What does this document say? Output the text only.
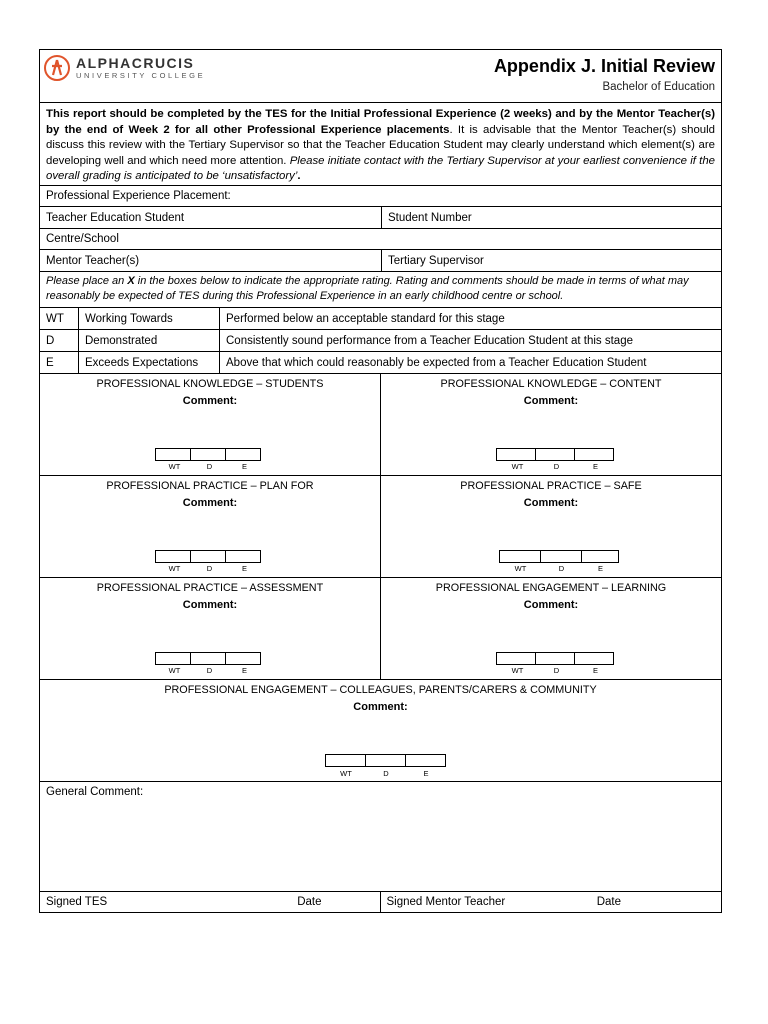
ALPHACRUCIS
UNIVERSITY COLLEGE	Appendix J. Initial Review
Bachelor of Education
This report should be completed by the TES for the Initial Professional Experience (2 weeks) and by the Mentor Teacher(s) by the end of Week 2 for all other Professional Experience placements. It is advisable that the Mentor Teacher(s) should discuss this review with the Tertiary Supervisor so that the Teacher Education Student may clearly understand which element(s) are developing well and which need more attention. Please initiate contact with the Tertiary Supervisor at your earliest convenience if the overall grading is anticipated to be ‘unsatisfactory’.
Professional Experience Placement:
Teacher Education Student	Student Number
Centre/School
Mentor Teacher(s)	Tertiary Supervisor
Please place an X in the boxes below to indicate the appropriate rating. Rating and comments should be made in terms of what may reasonably be expected of TES during this Professional Experience in an early childhood centre or school.
WT	Working Towards	Performed below an acceptable standard for this stage
D	Demonstrated	Consistently sound performance from a Teacher Education Student at this stage
E	Exceeds Expectations	Above that which could reasonably be expected from a Teacher Education Student
PROFESSIONAL KNOWLEDGE – STUDENTS
Comment:
WT	D	E
PROFESSIONAL KNOWLEDGE – CONTENT
Comment:
WT	D	E
PROFESSIONAL PRACTICE – PLAN FOR
Comment:
WT	D	E
PROFESSIONAL PRACTICE – SAFE
Comment:
WT	D	E
PROFESSIONAL PRACTICE – ASSESSMENT
Comment:
WT	D	E
PROFESSIONAL ENGAGEMENT – LEARNING
Comment:
WT	D	E
PROFESSIONAL ENGAGEMENT – COLLEAGUES, PARENTS/CARERS & COMMUNITY
Comment:
WT	D	E
General Comment:
Signed TES	Date	Signed Mentor Teacher	Date
